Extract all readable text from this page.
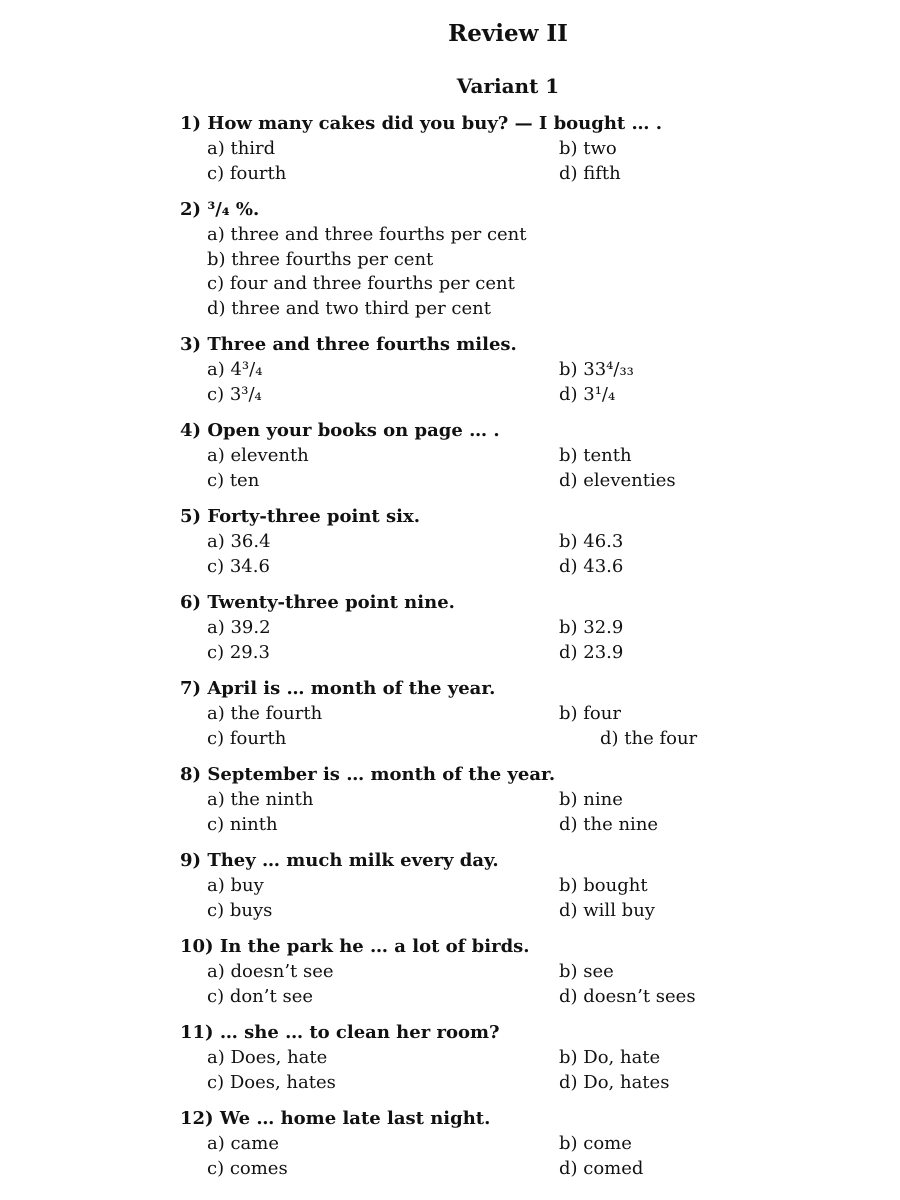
Review II
Variant 1
1) How many cakes did you buy? — I bought … .
a) third	b) two
c) fourth	d) fifth
2) ³/₄ %.
a) three and three fourths per cent
b) three fourths per cent
c) four and three fourths per cent
d) three and two third per cent
3) Three and three fourths miles.
a) 4³/₄	b) 33⁴/₃₃
c) 3³/₄	d) 3¹/₄
4) Open your books on page … .
a) eleventh	b) tenth
c) ten	d) eleventies
5) Forty-three point six.
a) 36.4	b) 46.3
c) 34.6	d) 43.6
6) Twenty-three point nine.
a) 39.2	b) 32.9
c) 29.3	d) 23.9
7) April is … month of the year.
a) the fourth	b) four
c) fourth	d) the four
8) September is … month of the year.
a) the ninth	b) nine
c) ninth	d) the nine
9) They … much milk every day.
a) buy	b) bought
c) buys	d) will buy
10) In the park he … a lot of birds.
a) doesn’t see	b) see
c) don’t see	d) doesn’t sees
11) … she … to clean her room?
a) Does, hate	b) Do, hate
c) Does, hates	d) Do, hates
12) We … home late last night.
a) came	b) come
c) comes	d) comed
